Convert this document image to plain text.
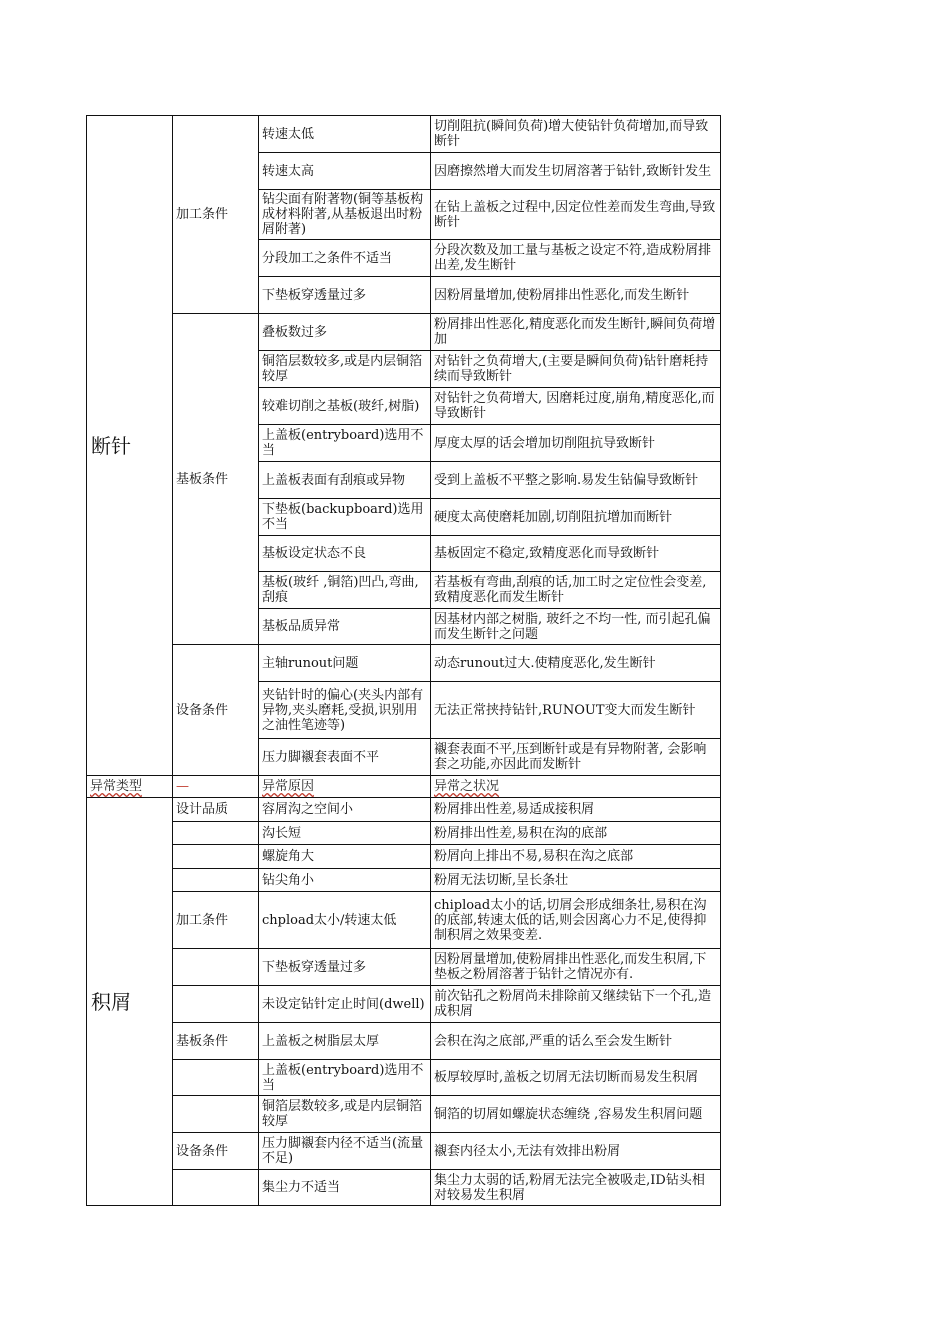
断针	加工条件	转速太低	切削阻抗(瞬间负荷)增大使钻针负荷增加,而导致断针
		转速太高	因磨擦然增大而发生切屑溶著于钻针,致断针发生
		钻尖面有附著物(铜等基板构成材料附著,从基板退出时粉屑附著)	在钻上盖板之过程中,因定位性差而发生弯曲,导致断针
		分段加工之条件不适当	分段次数及加工量与基板之设定不符,造成粉屑排出差,发生断针
		下垫板穿透量过多	因粉屑量增加,使粉屑排出性恶化,而发生断针
	基板条件	叠板数过多	粉屑排出性恶化,精度恶化而发生断针,瞬间负荷增加
		铜箔层数较多,或是内层铜箔较厚	对钻针之负荷增大,(主要是瞬间负荷)钻针磨耗持续而导致断针
		较难切削之基板(玻纤,树脂)	对钻针之负荷增大, 因磨耗过度,崩角,精度恶化,而导致断针
		上盖板(entryboard)选用不当	厚度太厚的话会增加切削阻抗导致断针
		上盖板表面有刮痕或异物	受到上盖板不平整之影响.易发生钻偏导致断针
		下垫板(backupboard)选用不当	硬度太高使磨耗加剧,切削阻抗增加而断针
		基板设定状态不良	基板固定不稳定,致精度恶化而导致断针
		基板(玻纤 ,铜箔)凹凸,弯曲,刮痕	若基板有弯曲,刮痕的话,加工时之定位性会变差,致精度恶化而发生断针
		基板品质异常	因基材内部之树脂, 玻纤之不均一性, 而引起孔偏而发生断针之问题
	设备条件	主轴runout问题	动态runout过大.使精度恶化,发生断针
		夹钻针时的偏心(夹头内部有异物,夹头磨耗,受损,识别用之油性笔迹等)	无法正常挟持钻针,RUNOUT变大而发生断针
		压力脚襯套表面不平	襯套表面不平,压到断针或是有异物附著, 会影响套之功能,亦因此而发断针
异常类型	—	异常原因	异常之状况
积屑	设计品质	容屑沟之空间小	粉屑排出性差,易适成接积屑
		沟长短	粉屑排出性差,易积在沟的底部
		螺旋角大	粉屑向上排出不易,易积在沟之底部
		钻尖角小	粉屑无法切断,呈长条壮
	加工条件	chpload太小/转速太低	chipload太小的话,切屑会形成细条壮,易积在沟 的底部,转速太低的话,则会因离心力不足,使得抑制积屑之效果变差.
		下垫板穿透量过多	因粉屑量增加,使粉屑排出性恶化,而发生积屑,下垫板之粉屑溶著于钻针之情况亦有.
		未设定钻针定止时间(dwell)	前次钻孔之粉屑尚未排除前又继续钻下一个孔,造成积屑
	基板条件	上盖板之树脂层太厚	会积在沟之底部,严重的话么至会发生断针
		上盖板(entryboard)选用不当	板厚较厚时,盖板之切屑无法切断而易发生积屑
		铜箔层数较多,或是内层铜箔较厚	铜箔的切屑如螺旋状态缠绕 ,容易发生积屑问题
	设备条件	压力脚襯套内径不适当(流量不足)	襯套内径太小,无法有效排出粉屑
		集尘力不适当	集尘力太弱的话,粉屑无法完全被吸走,ID钻头相对较易发生积屑
